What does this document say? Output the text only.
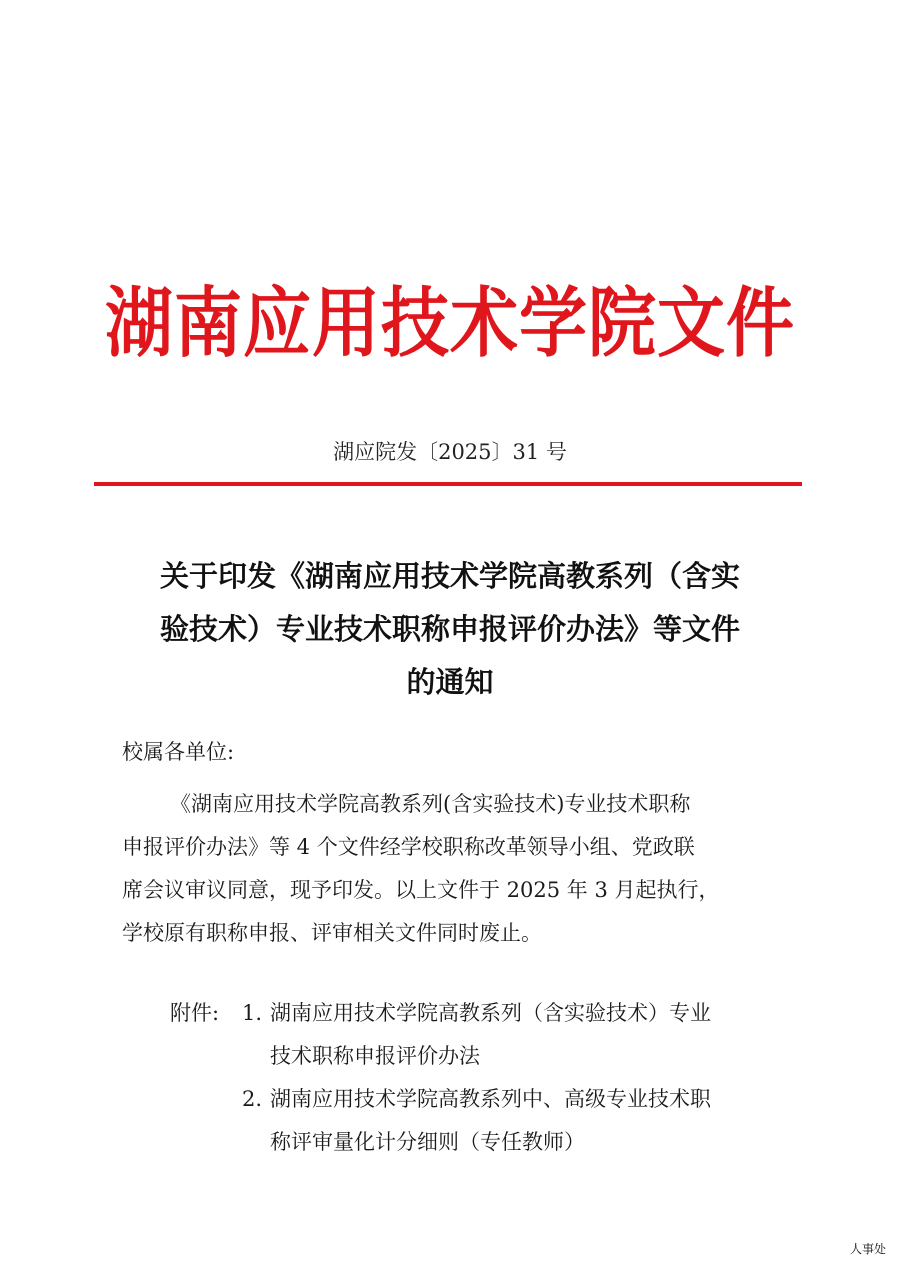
湖南应用技术学院文件
湖应院发〔2025〕31 号
关于印发《湖南应用技术学院高教系列（含实
验技术）专业技术职称申报评价办法》等文件
的通知
校属各单位:
《湖南应用技术学院高教系列(含实验技术)专业技术职称
申报评价办法》等 4 个文件经学校职称改革领导小组、党政联
席会议审议同意，现予印发。以上文件于 2025 年 3 月起执行，
学校原有职称申报、评审相关文件同时废止。
附件: 1. 湖南应用技术学院高教系列（含实验技术）专业
技术职称申报评价办法
2. 湖南应用技术学院高教系列中、高级专业技术职
称评审量化计分细则（专任教师）
人事处
